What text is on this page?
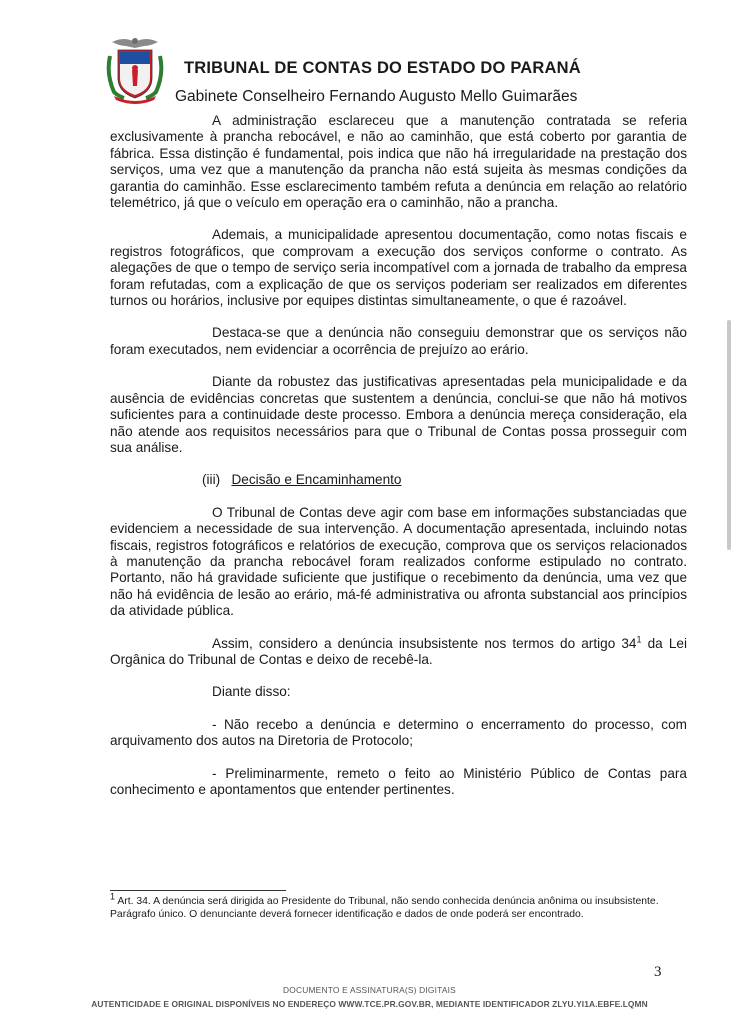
TRIBUNAL DE CONTAS DO ESTADO DO PARANÁ
Gabinete Conselheiro Fernando Augusto Mello Guimarães

A administração esclareceu que a manutenção contratada se referia exclusivamente à prancha rebocável, e não ao caminhão, que está coberto por garantia de fábrica. Essa distinção é fundamental, pois indica que não há irregularidade na prestação dos serviços, uma vez que a manutenção da prancha não está sujeita às mesmas condições da garantia do caminhão. Esse esclarecimento também refuta a denúncia em relação ao relatório telemétrico, já que o veículo em operação era o caminhão, não a prancha.

Ademais, a municipalidade apresentou documentação, como notas fiscais e registros fotográficos, que comprovam a execução dos serviços conforme o contrato. As alegações de que o tempo de serviço seria incompatível com a jornada de trabalho da empresa foram refutadas, com a explicação de que os serviços poderiam ser realizados em diferentes turnos ou horários, inclusive por equipes distintas simultaneamente, o que é razoável.

Destaca-se que a denúncia não conseguiu demonstrar que os serviços não foram executados, nem evidenciar a ocorrência de prejuízo ao erário.

Diante da robustez das justificativas apresentadas pela municipalidade e da ausência de evidências concretas que sustentem a denúncia, conclui-se que não há motivos suficientes para a continuidade deste processo. Embora a denúncia mereça consideração, ela não atende aos requisitos necessários para que o Tribunal de Contas possa prosseguir com sua análise.

(iii) Decisão e Encaminhamento

O Tribunal de Contas deve agir com base em informações substanciadas que evidenciem a necessidade de sua intervenção. A documentação apresentada, incluindo notas fiscais, registros fotográficos e relatórios de execução, comprova que os serviços relacionados à manutenção da prancha rebocável foram realizados conforme estipulado no contrato. Portanto, não há gravidade suficiente que justifique o recebimento da denúncia, uma vez que não há evidência de lesão ao erário, má-fé administrativa ou afronta substancial aos princípios da atividade pública.

Assim, considero a denúncia insubsistente nos termos do artigo $34^1$ da Lei Orgânica do Tribunal de Contas e deixo de recebê-la.

Diante disso:

- Não recebo a denúncia e determino o encerramento do processo, com arquivamento dos autos na Diretoria de Protocolo;

- Preliminarmente, remeto o feito ao Ministério Público de Contas para conhecimento e apontamentos que entender pertinentes.

$^1$ Art. 34. A denúncia será dirigida ao Presidente do Tribunal, não sendo conhecida denúncia anônima ou insubsistente.

Parágrafo único. O denunciante deverá fornecer identificação e dados de onde poderá ser encontrado.

3
DOCUMENTO E ASSINATURA(S) DIGITAIS
AUTENTICIDADE E ORIGINAL DISPONÍVEIS NO ENDEREÇO WWW.TCE.PR.GOV.BR, MEDIANTE IDENTIFICADOR ZLYU.YI1A.EBFE.LQMN
